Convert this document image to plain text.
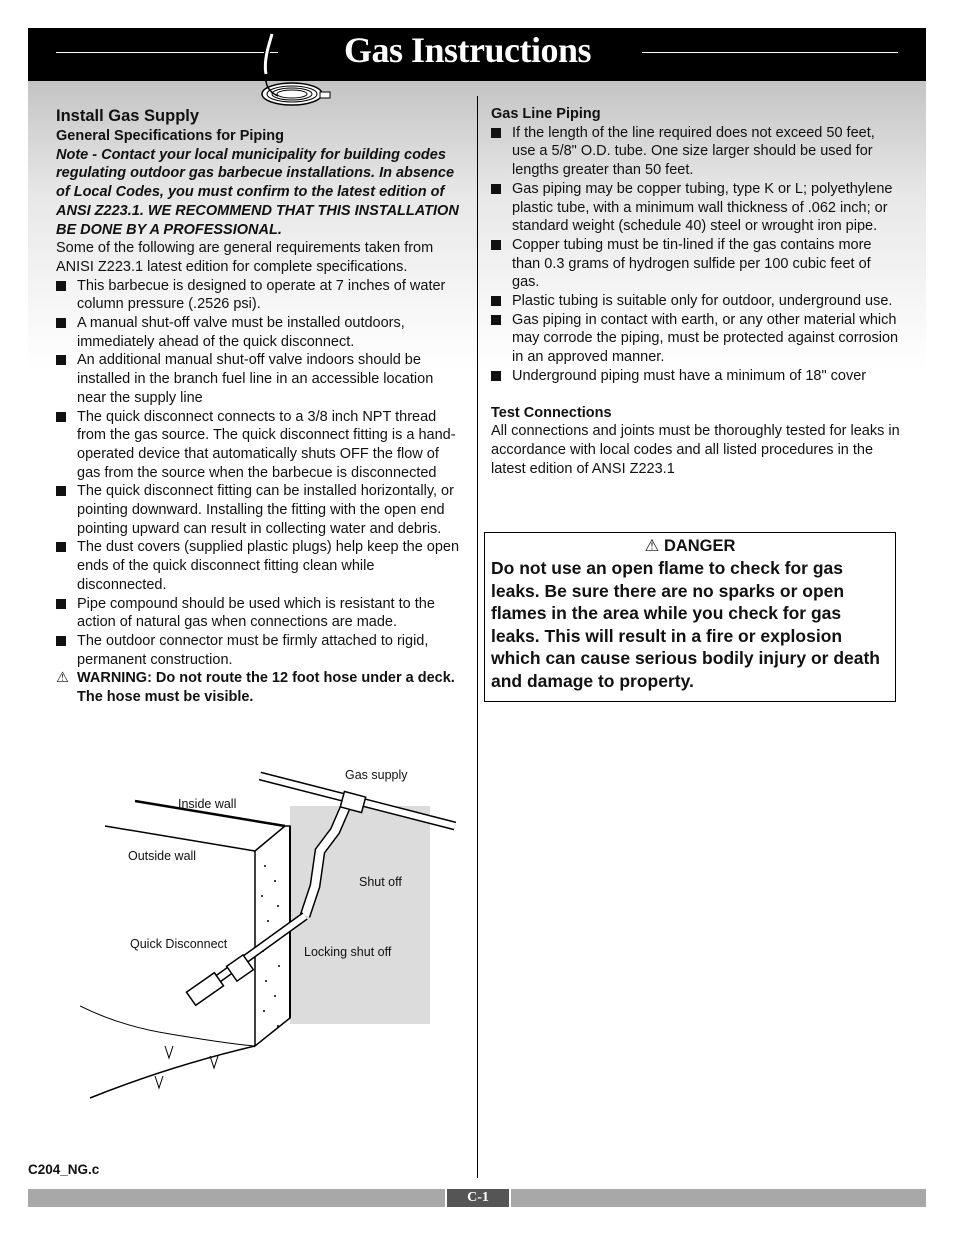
Gas Instructions
Install Gas Supply
General Specifications for Piping
Note - Contact your local municipality for building codes regulating outdoor gas barbecue installations. In absence of Local Codes, you must confirm to the latest edition of ANSI Z223.1. WE RECOMMEND THAT THIS INSTALLATION BE DONE BY A PROFESSIONAL.
Some of the following are general requirements taken from ANISI Z223.1 latest edition for complete specifications.
This barbecue is designed to operate at 7 inches of water column pressure (.2526 psi).
A manual shut-off valve must be installed outdoors, immediately ahead of the quick disconnect.
An additional manual shut-off valve indoors should be installed in the branch fuel line in an accessible location near the supply line
The quick disconnect connects to a 3/8 inch NPT thread from the gas source. The quick disconnect fitting is a hand-operated device that automatically shuts OFF the flow of gas from the source when the barbecue is disconnected
The quick disconnect fitting can be installed horizontally, or pointing downward. Installing the fitting with the open end pointing upward can result in collecting water and debris.
The dust covers (supplied plastic plugs) help keep the open ends of the quick disconnect fitting clean while disconnected.
Pipe compound should be used which is resistant to the action of natural gas when connections are made.
The outdoor connector must be firmly attached to rigid, permanent construction.
⚠ WARNING: Do not route the 12 foot hose under a deck. The hose must be visible.
Gas Line Piping
If the length of the line required does not exceed 50 feet, use a 5/8" O.D. tube. One size larger should be used for lengths greater than 50 feet.
Gas piping may be copper tubing, type K or L; polyethylene plastic tube, with a minimum wall thickness of .062 inch; or standard weight (schedule 40) steel or wrought iron pipe.
Copper tubing must be tin-lined if the gas contains more than 0.3 grams of hydrogen sulfide per 100 cubic feet of gas.
Plastic tubing is suitable only for outdoor, underground use.
Gas piping in contact with earth, or any other material which may corrode the piping, must be protected against corrosion in an approved manner.
Underground piping must have a minimum of 18" cover
Test Connections
All connections and joints must be thoroughly tested for leaks in accordance with local codes and all listed procedures in the latest edition of ANSI Z223.1
⚠ DANGER
Do not use an open flame to check for gas leaks. Be sure there are no sparks or open flames in the area while you check for gas leaks. This will result in a fire or explosion which can cause serious bodily injury or death and damage to property.
Gas supply
Inside wall
Outside wall
Shut off
Quick Disconnect
Locking shut off
C204_NG.c
C-1
